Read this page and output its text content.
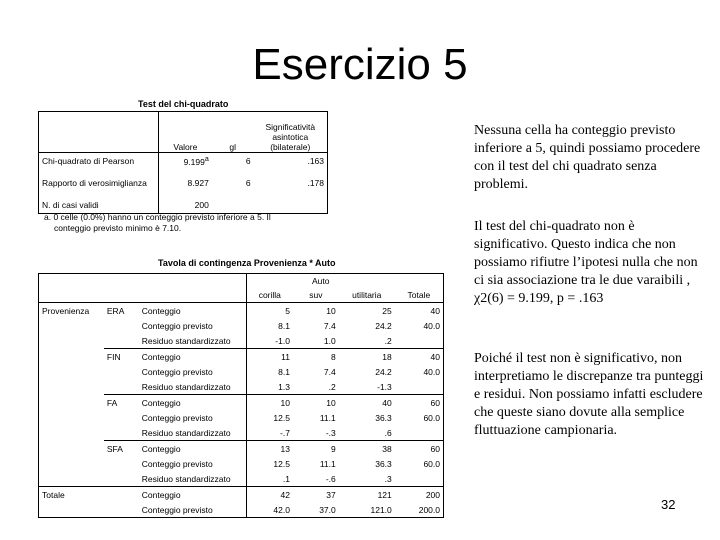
Esercizio 5
Test del chi-quadrato
	Valore	gl	Significatività asintotica (bilaterale)
Chi-quadrato di Pearson	9.199$^a$	6	.163
Rapporto di verosimiglianza	8.927	6	.178
N. di casi validi	200		
a. 0 celle (0.0%) hanno un conteggio previsto inferiore a 5. Il
conteggio previsto minimo è 7.10.
Tavola di contingenza Provenienza * Auto
			Auto			
			corilla	suv	utilitaria	Totale
Provenienza	ERA	Conteggio	5	10	25	40
		Conteggio previsto	8.1	7.4	24.2	40.0
		Residuo standardizzato	-1.0	1.0	.2	
	FIN	Conteggio	11	8	18	40
		Conteggio previsto	8.1	7.4	24.2	40.0
		Residuo standardizzato	1.3	.2	-1.3	
	FA	Conteggio	10	10	40	60
		Conteggio previsto	12.5	11.1	36.3	60.0
		Residuo standardizzato	-.7	-.3	.6	
	SFA	Conteggio	13	9	38	60
		Conteggio previsto	12.5	11.1	36.3	60.0
		Residuo standardizzato	.1	-.6	.3	
Totale		Conteggio	42	37	121	200
		Conteggio previsto	42.0	37.0	121.0	200.0
Nessuna cella ha conteggio previsto inferiore a 5, quindi possiamo procedere con il test del chi quadrato senza problemi.
Il test del chi-quadrato non è significativo. Questo indica che non possiamo rifiutre l’ipotesi nulla che non ci sia associazione tra le due varaibili , χ2(6) = 9.199, p = .163
Poiché il test non è significativo, non interpretiamo le discrepanze tra punteggi e residui. Non possiamo infatti escludere che queste siano dovute alla semplice fluttuazione campionaria.
32
